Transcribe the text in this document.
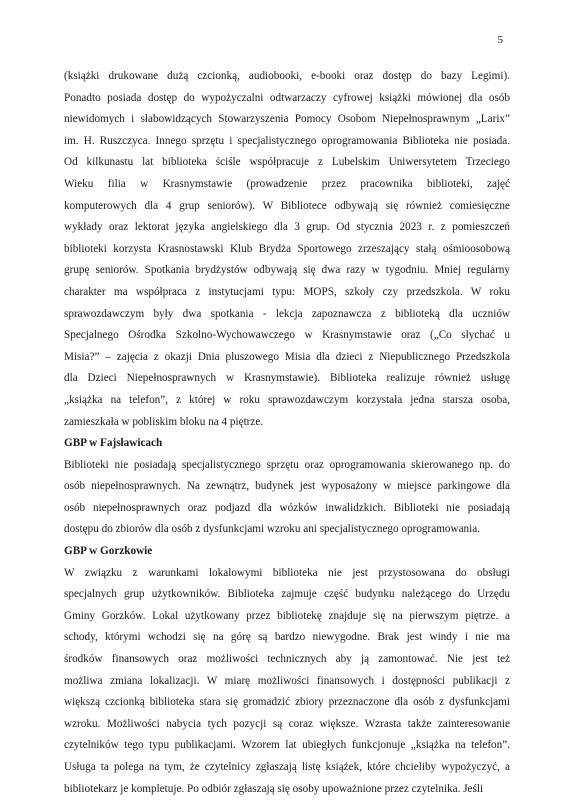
5
(książki drukowane dużą czcionką, audiobooki, e-booki oraz dostęp do bazy Legimi).
Ponadto posiada dostęp do wypożyczalni odtwarzaczy cyfrowej książki mówionej dla osób
niewidomych i słabowidzących Stowarzyszenia Pomocy Osobom Niepełnosprawnym „Larix”
im. H. Ruszczyca. Innego sprzętu i specjalistycznego oprogramowania Biblioteka nie posiada.
Od kilkunastu lat biblioteka ściśle współpracuje z Lubelskim Uniwersytetem Trzeciego
Wieku filia w Krasnymstawie (prowadzenie przez pracownika biblioteki, zajęć
komputerowych dla 4 grup seniorów). W Bibliotece odbywają się również comiesięczne
wykłady oraz lektorat języka angielskiego dla 3 grup. Od stycznia 2023 r. z pomieszczeń
biblioteki korzysta Krasnostawski Klub Brydża Sportowego zrzeszający stałą ośmioosobową
grupę seniorów. Spotkania brydżystów odbywają się dwa razy w tygodniu. Mniej regularny
charakter ma współpraca z instytucjami typu: MOPS, szkoły czy przedszkola. W roku
sprawozdawczym były dwa spotkania - lekcja zapoznawcza z biblioteką dla uczniów
Specjalnego Ośrodka Szkolno-Wychowawczego w Krasnymstawie oraz („Co słychać u
Misia?” – zajęcia z okazji Dnia pluszowego Misia dla dzieci z Niepublicznego Przedszkola
dla Dzieci Niepełnosprawnych w Krasnymstawie). Biblioteka realizuje również usługę
„książka na telefon”, z której w roku sprawozdawczym korzystała jedna starsza osoba,
zamieszkała w pobliskim bloku na 4 piętrze.
GBP w Fajsławicach
Biblioteki nie posiadają specjalistycznego sprzętu oraz oprogramowania skierowanego np. do
osób niepełnosprawnych. Na zewnątrz, budynek jest wyposażony w miejsce parkingowe dla
osób niepełnosprawnych oraz podjazd dla wózków inwalidzkich. Biblioteki nie posiadają
dostępu do zbiorów dla osób z dysfunkcjami wzroku ani specjalistycznego oprogramowania.
GBP w Gorzkowie
W związku z warunkami lokalowymi biblioteka nie jest przystosowana do obsługi
specjalnych grup użytkowników. Biblioteka zajmuje część budynku należącego do Urzędu
Gminy Gorzków. Lokal użytkowany przez bibliotekę znajduje się na pierwszym piętrze. a
schody, którymi wchodzi się na górę są bardzo niewygodne. Brak jest windy i nie ma
środków finansowych oraz możliwości technicznych aby ją zamontować. Nie jest też
możliwa zmiana lokalizacji. W miarę możliwości finansowych i dostępności publikacji z
większą czcionką biblioteka stara się gromadzić zbiory przeznaczone dla osób z dysfunkcjami
wzroku. Możliwości nabycia tych pozycji są coraz większe. Wzrasta także zainteresowanie
czytelników tego typu publikacjami. Wzorem lat ubiegłych funkcjonuje „książka na telefon”.
Usługa ta polega na tym, że czytelnicy zgłaszają listę książek, które chcieliby wypożyczyć, a
bibliotekarz je kompletuje. Po odbiór zgłaszają się osoby upoważnione przez czytelnika. Jeśli
